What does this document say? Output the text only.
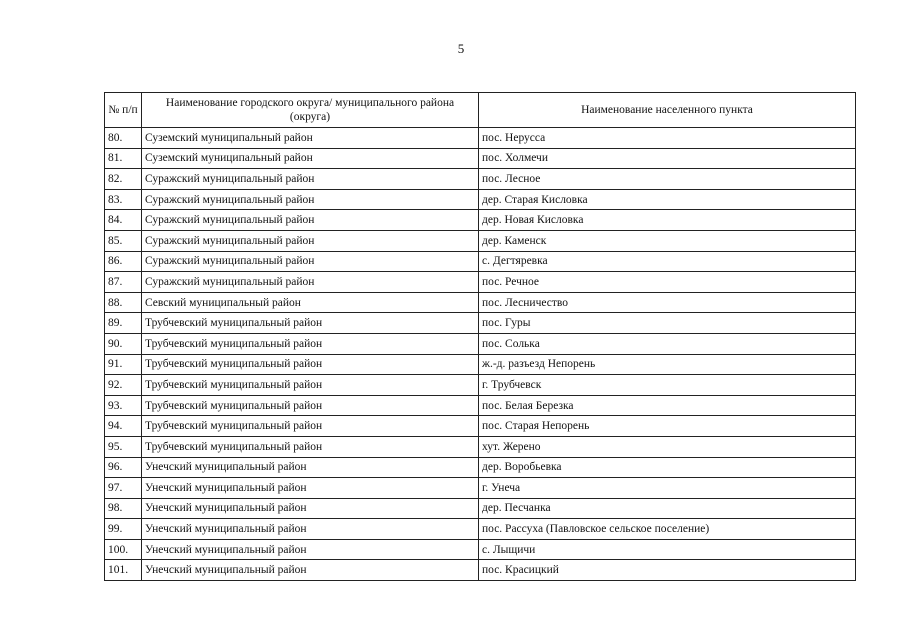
5
№ п/п	Наименование городского округа/ муниципального района (округа)	Наименование населенного пункта
80.	Суземский муниципальный район	пос. Нерусса
81.	Суземский муниципальный район	пос. Холмечи
82.	Суражский муниципальный район	пос. Лесное
83.	Суражский муниципальный район	дер. Старая Кисловка
84.	Суражский муниципальный район	дер. Новая Кисловка
85.	Суражский муниципальный район	дер. Каменск
86.	Суражский муниципальный район	с. Дегтяревка
87.	Суражский муниципальный район	пос. Речное
88.	Севский муниципальный район	пос. Лесничество
89.	Трубчевский муниципальный район	пос. Гуры
90.	Трубчевский муниципальный район	пос. Солька
91.	Трубчевский муниципальный район	ж.-д. разъезд Непорень
92.	Трубчевский муниципальный район	г. Трубчевск
93.	Трубчевский муниципальный район	пос. Белая Березка
94.	Трубчевский муниципальный район	пос. Старая Непорень
95.	Трубчевский муниципальный район	хут. Жерено
96.	Унечский муниципальный район	дер. Воробьевка
97.	Унечский муниципальный район	г. Унеча
98.	Унечский муниципальный район	дер. Песчанка
99.	Унечский муниципальный район	пос. Рассуха (Павловское сельское поселение)
100.	Унечский муниципальный район	с. Лыщичи
101.	Унечский муниципальный район	пос. Красицкий
